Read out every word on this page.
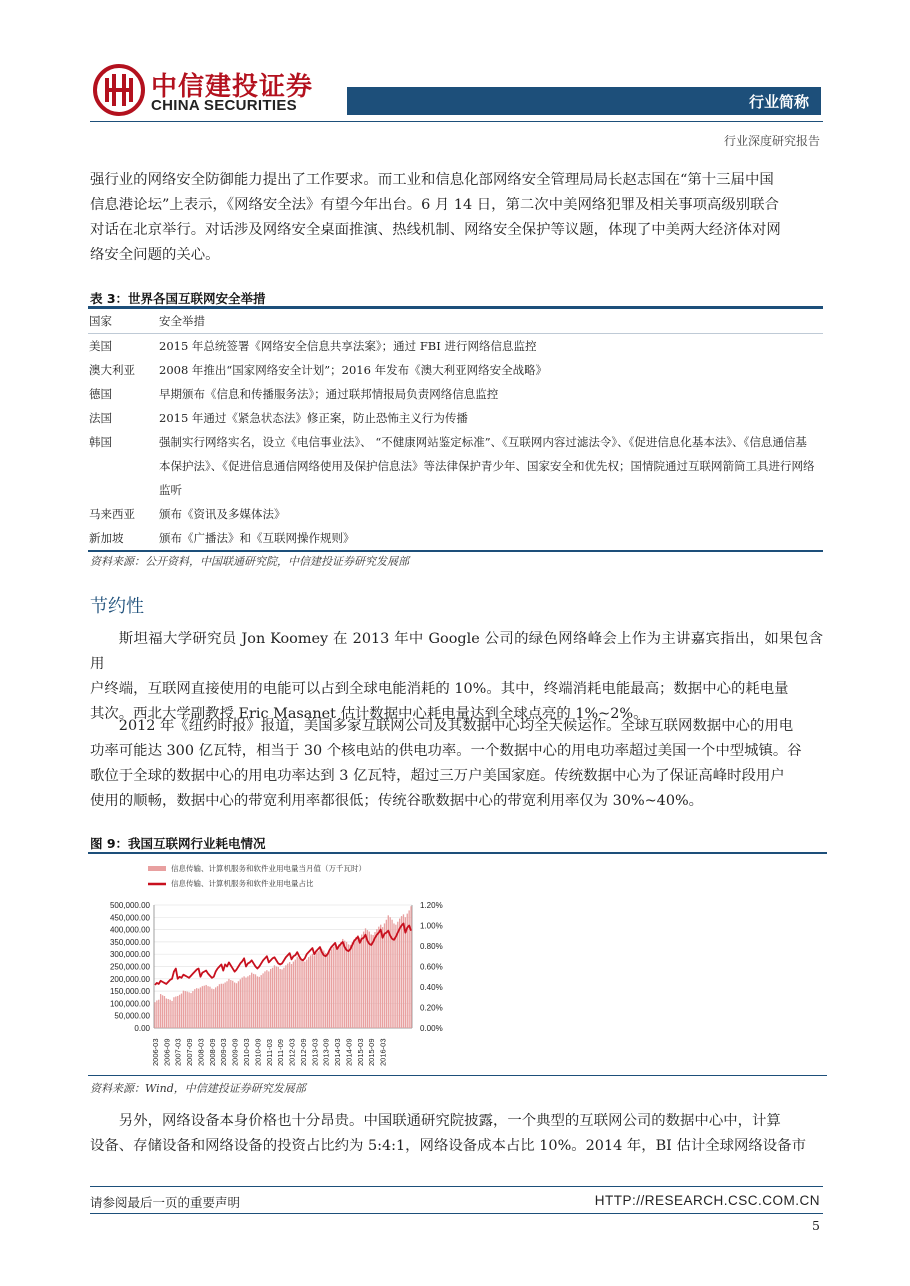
中信建投证券
CHINA SECURITIES	行业简称
行业深度研究报告
强行业的网络安全防御能力提出了工作要求。而工业和信息化部网络安全管理局局长赵志国在“第十三届中国
信息港论坛”上表示，《网络安全法》有望今年出台。6 月 14 日，第二次中美网络犯罪及相关事项高级别联合
对话在北京举行。对话涉及网络安全桌面推演、热线机制、网络安全保护等议题，体现了中美两大经济体对网
络安全问题的关心。
表 3：世界各国互联网安全举措
国家	安全举措
美国	2015 年总统签署《网络安全信息共享法案》；通过 FBI 进行网络信息监控
澳大利亚	2008 年推出“国家网络安全计划”；2016 年发布《澳大利亚网络安全战略》
德国	早期颁布《信息和传播服务法》；通过联邦情报局负责网络信息监控
法国	2015 年通过《紧急状态法》修正案，防止恐怖主义行为传播
韩国	强制实行网络实名，设立《电信事业法》、 “不健康网站鉴定标准”、《互联网内容过滤法令》、《促进信息化基本法》、《信息通信基本保护法》、《促进信息通信网络使用及保护信息法》等法律保护青少年、国家安全和优先权；国情院通过互联网箭筒工具进行网络监听
马来西亚	颁布《资讯及多媒体法》
新加坡	颁布《广播法》和《互联网操作规则》
资料来源：公开资料，中国联通研究院，中信建投证券研究发展部
节约性
斯坦福大学研究员 Jon Koomey 在 2013 年中 Google 公司的绿色网络峰会上作为主讲嘉宾指出，如果包含用
户终端，互联网直接使用的电能可以占到全球电能消耗的 10%。其中，终端消耗电能最高；数据中心的耗电量
其次。西北大学副教授 Eric Masanet 估计数据中心耗电量达到全球点亮的 1%~2%。
2012 年《纽约时报》报道，美国多家互联网公司及其数据中心均全天候运作。全球互联网数据中心的用电
功率可能达 300 亿瓦特，相当于 30 个核电站的供电功率。一个数据中心的用电功率超过美国一个中型城镇。谷
歌位于全球的数据中心的用电功率达到 3 亿瓦特，超过三万户美国家庭。传统数据中心为了保证高峰时段用户
使用的顺畅，数据中心的带宽利用率都很低；传统谷歌数据中心的带宽利用率仅为 30%~40%。
图 9：我国互联网行业耗电情况
信息传输、计算机服务和软件业用电量当月值（万千瓦时）
信息传输、计算机服务和软件业用电量占比
0.00
50,000.00
100,000.00
150,000.00
200,000.00
250,000.00
300,000.00
350,000.00
400,000.00
450,000.00
500,000.00
0.00%
0.20%
0.40%
0.60%
0.80%
1.00%
1.20%
2006-03 2006-09 2007-03 2007-09 2008-03 2008-09 2009-03 2009-09 2010-03 2010-09 2011-03 2011-09 2012-03 2012-09 2013-03 2013-09 2014-03 2014-09 2015-03 2015-09 2016-03
资料来源：Wind，中信建投证券研究发展部
另外，网络设备本身价格也十分昂贵。中国联通研究院披露，一个典型的互联网公司的数据中心中，计算
设备、存储设备和网络设备的投资占比约为 5:4:1，网络设备成本占比 10%。2014 年，BI 估计全球网络设备市
请参阅最后一页的重要声明	HTTP://RESEARCH.CSC.COM.CN
5
